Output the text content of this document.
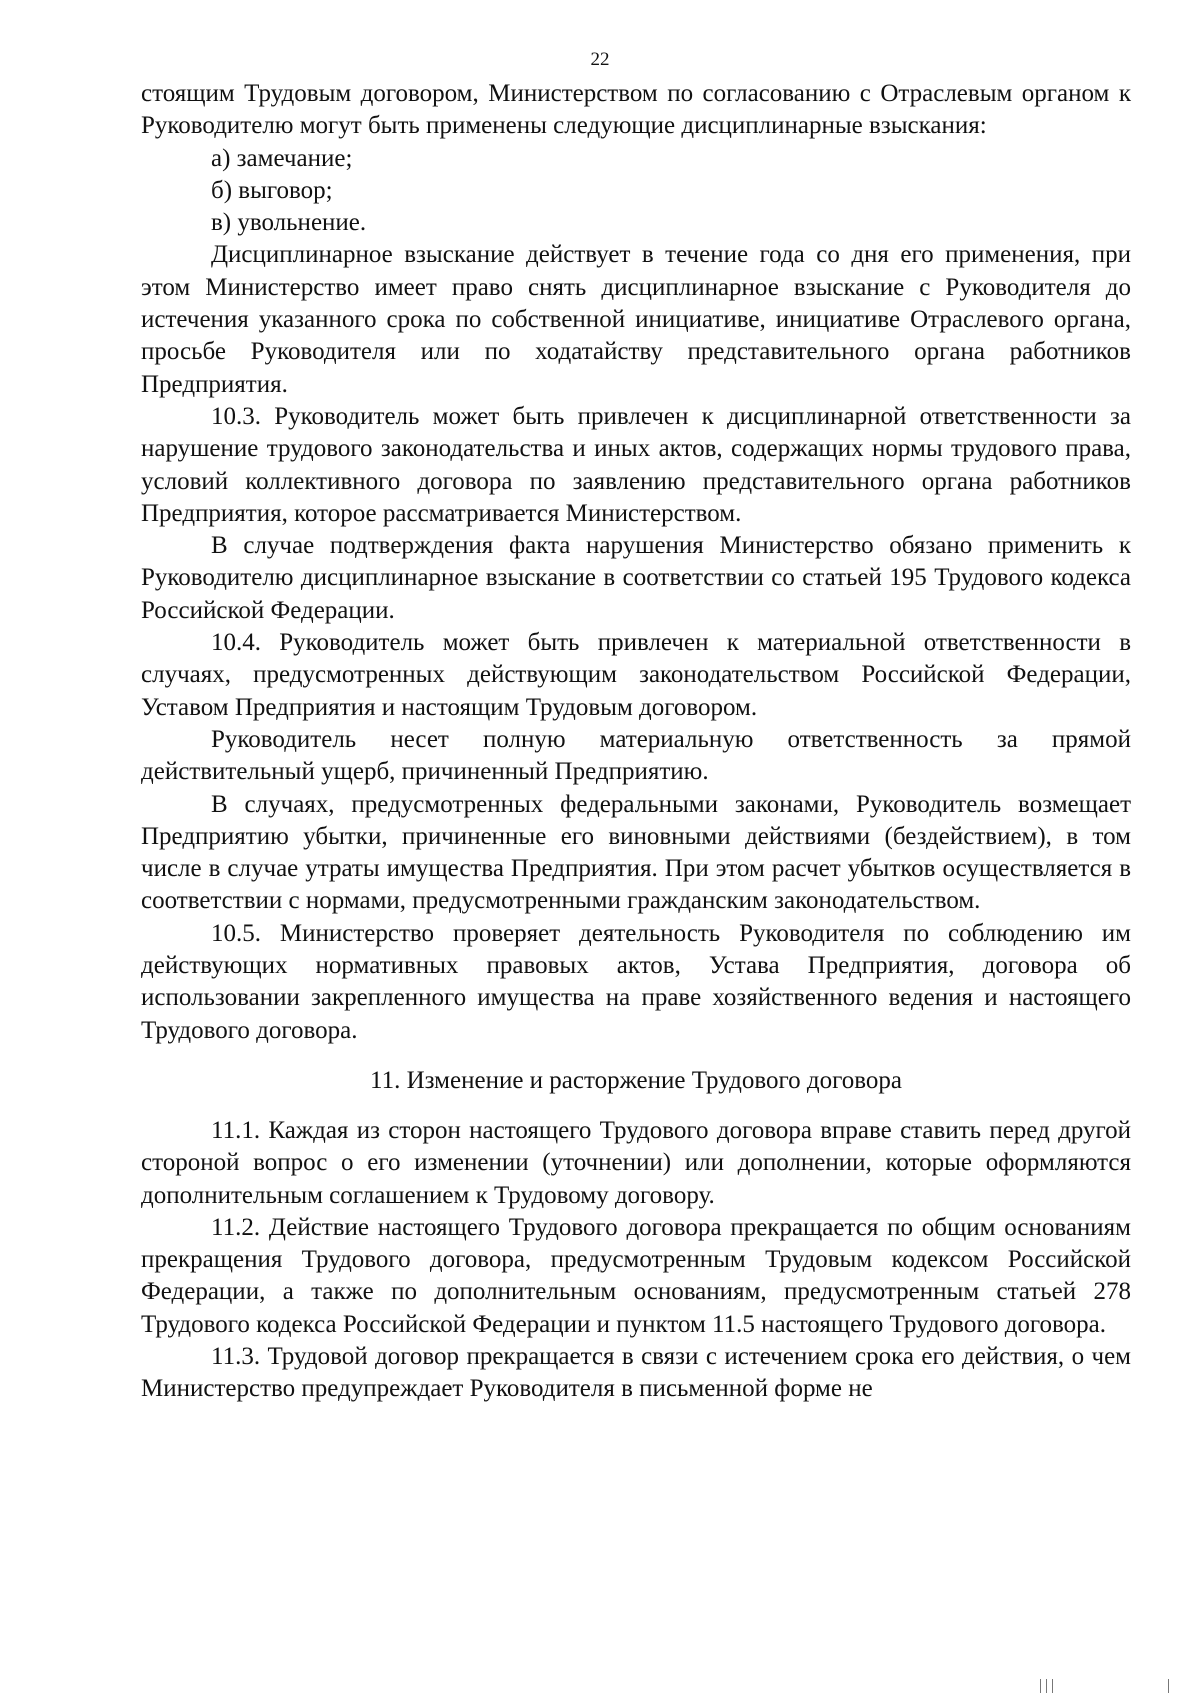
22

стоящим Трудовым договором, Министерством по согласованию с Отраслевым органом к Руководителю могут быть применены следующие дисциплинарные взыскания:

а) замечание;

б) выговор;

в) увольнение.

Дисциплинарное взыскание действует в течение года со дня его применения, при этом Министерство имеет право снять дисциплинарное взыскание с Руководителя до истечения указанного срока по собственной инициативе, инициативе Отраслевого органа, просьбе Руководителя или по ходатайству представительного органа работников Предприятия.

10.3. Руководитель может быть привлечен к дисциплинарной ответственности за нарушение трудового законодательства и иных актов, содержащих нормы трудового права, условий коллективного договора по заявлению представительного органа работников Предприятия, которое рассматривается Министерством.

В случае подтверждения факта нарушения Министерство обязано применить к Руководителю дисциплинарное взыскание в соответствии со статьей 195 Трудового кодекса Российской Федерации.

10.4. Руководитель может быть привлечен к материальной ответственности в случаях, предусмотренных действующим законодательством Российской Федерации, Уставом Предприятия и настоящим Трудовым договором.

Руководитель несет полную материальную ответственность за прямой действительный ущерб, причиненный Предприятию.

В случаях, предусмотренных федеральными законами, Руководитель возмещает Предприятию убытки, причиненные его виновными действиями (бездействием), в том числе в случае утраты имущества Предприятия. При этом расчет убытков осуществляется в соответствии с нормами, предусмотренными гражданским законодательством.

10.5. Министерство проверяет деятельность Руководителя по соблюдению им действующих нормативных правовых актов, Устава Предприятия, договора об использовании закрепленного имущества на праве хозяйственного ведения и настоящего Трудового договора.

11. Изменение и расторжение Трудового договора

11.1. Каждая из сторон настоящего Трудового договора вправе ставить перед другой стороной вопрос о его изменении (уточнении) или дополнении, которые оформляются дополнительным соглашением к Трудовому договору.

11.2. Действие настоящего Трудового договора прекращается по общим основаниям прекращения Трудового договора, предусмотренным Трудовым кодексом Российской Федерации, а также по дополнительным основаниям, предусмотренным статьей 278 Трудового кодекса Российской Федерации и пунктом 11.5 настоящего Трудового договора.

11.3. Трудовой договор прекращается в связи с истечением срока его действия, о чем Министерство предупреждает Руководителя в письменной форме не
